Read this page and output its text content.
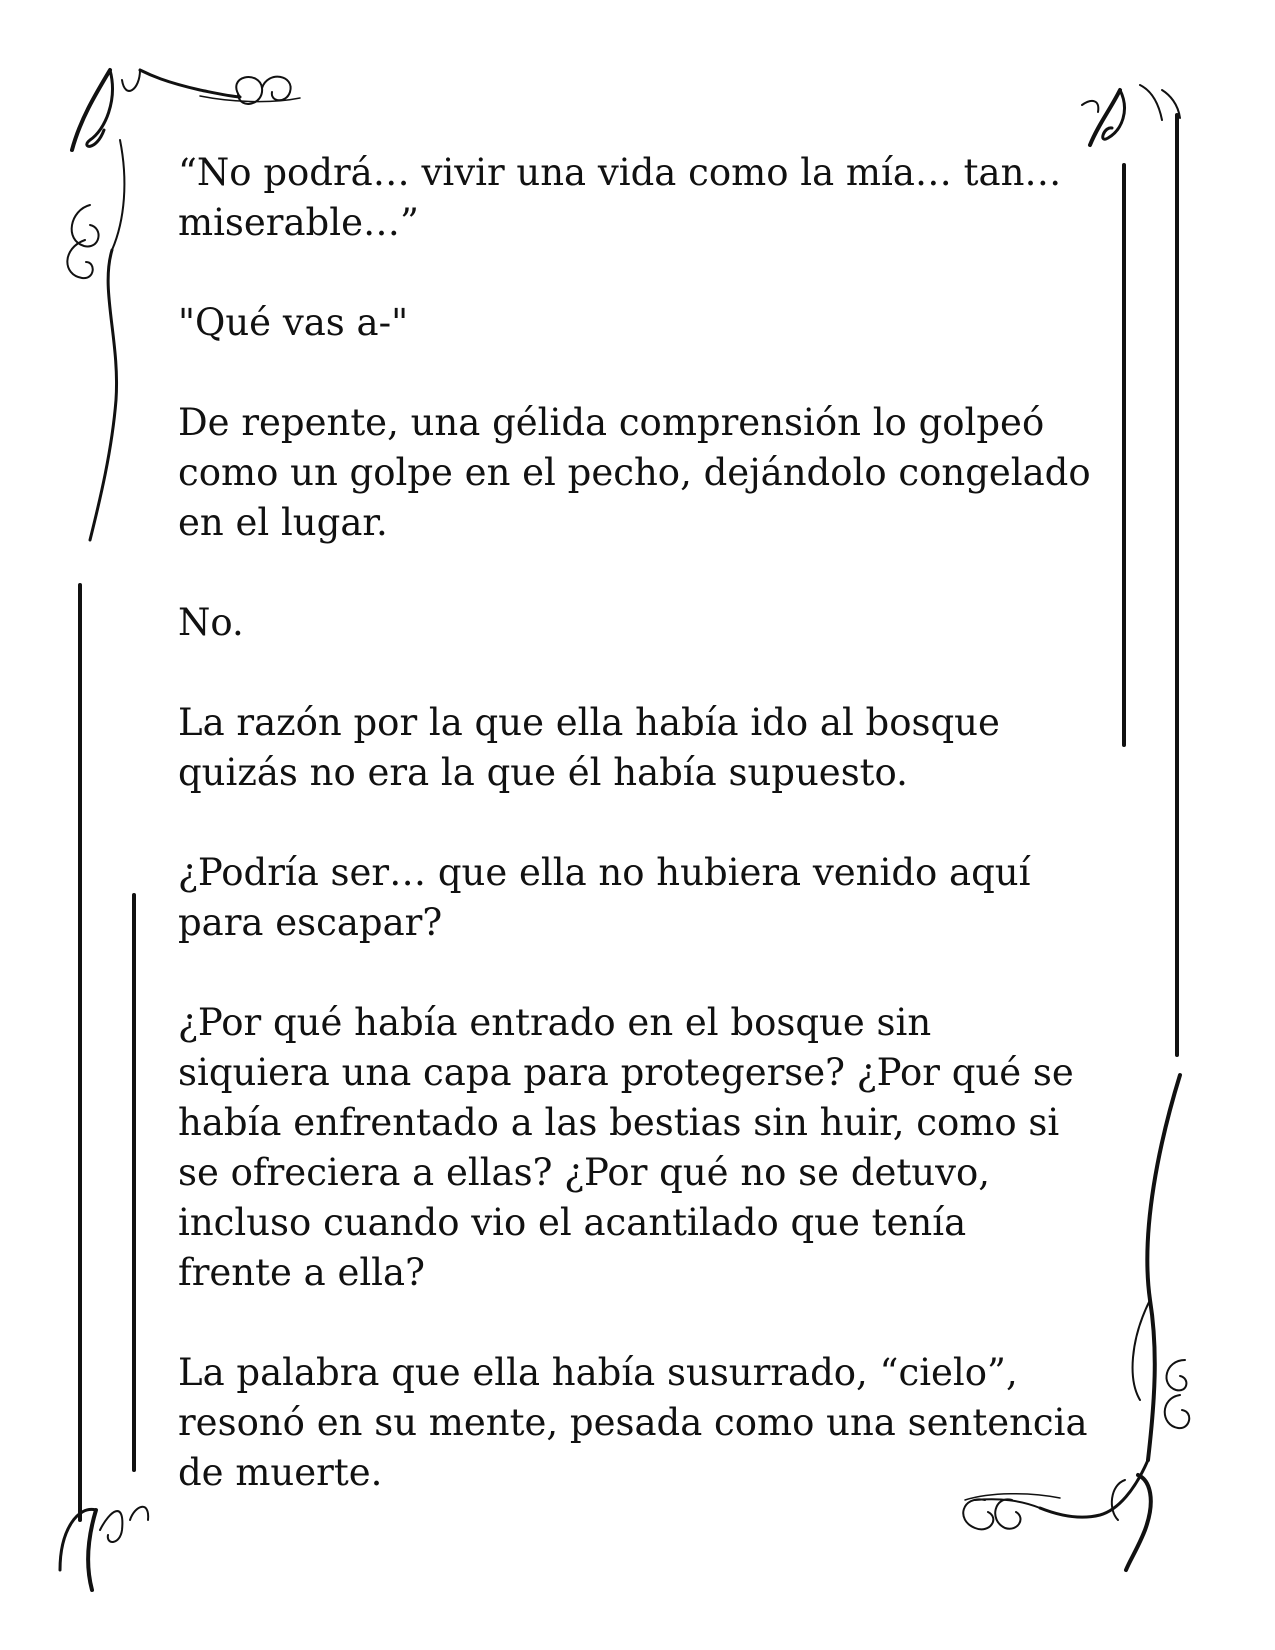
“No podrá… vivir una vida como la mía… tan…
miserable…”

"Qué vas a-"

De repente, una gélida comprensión lo golpeó
como un golpe en el pecho, dejándolo congelado
en el lugar.

No.

La razón por la que ella había ido al bosque
quizás no era la que él había supuesto.

¿Podría ser… que ella no hubiera venido aquí
para escapar?

¿Por qué había entrado en el bosque sin
siquiera una capa para protegerse? ¿Por qué se
había enfrentado a las bestias sin huir, como si
se ofreciera a ellas? ¿Por qué no se detuvo,
incluso cuando vio el acantilado que tenía
frente a ella?

La palabra que ella había susurrado, “cielo”,
resonó en su mente, pesada como una sentencia
de muerte.
